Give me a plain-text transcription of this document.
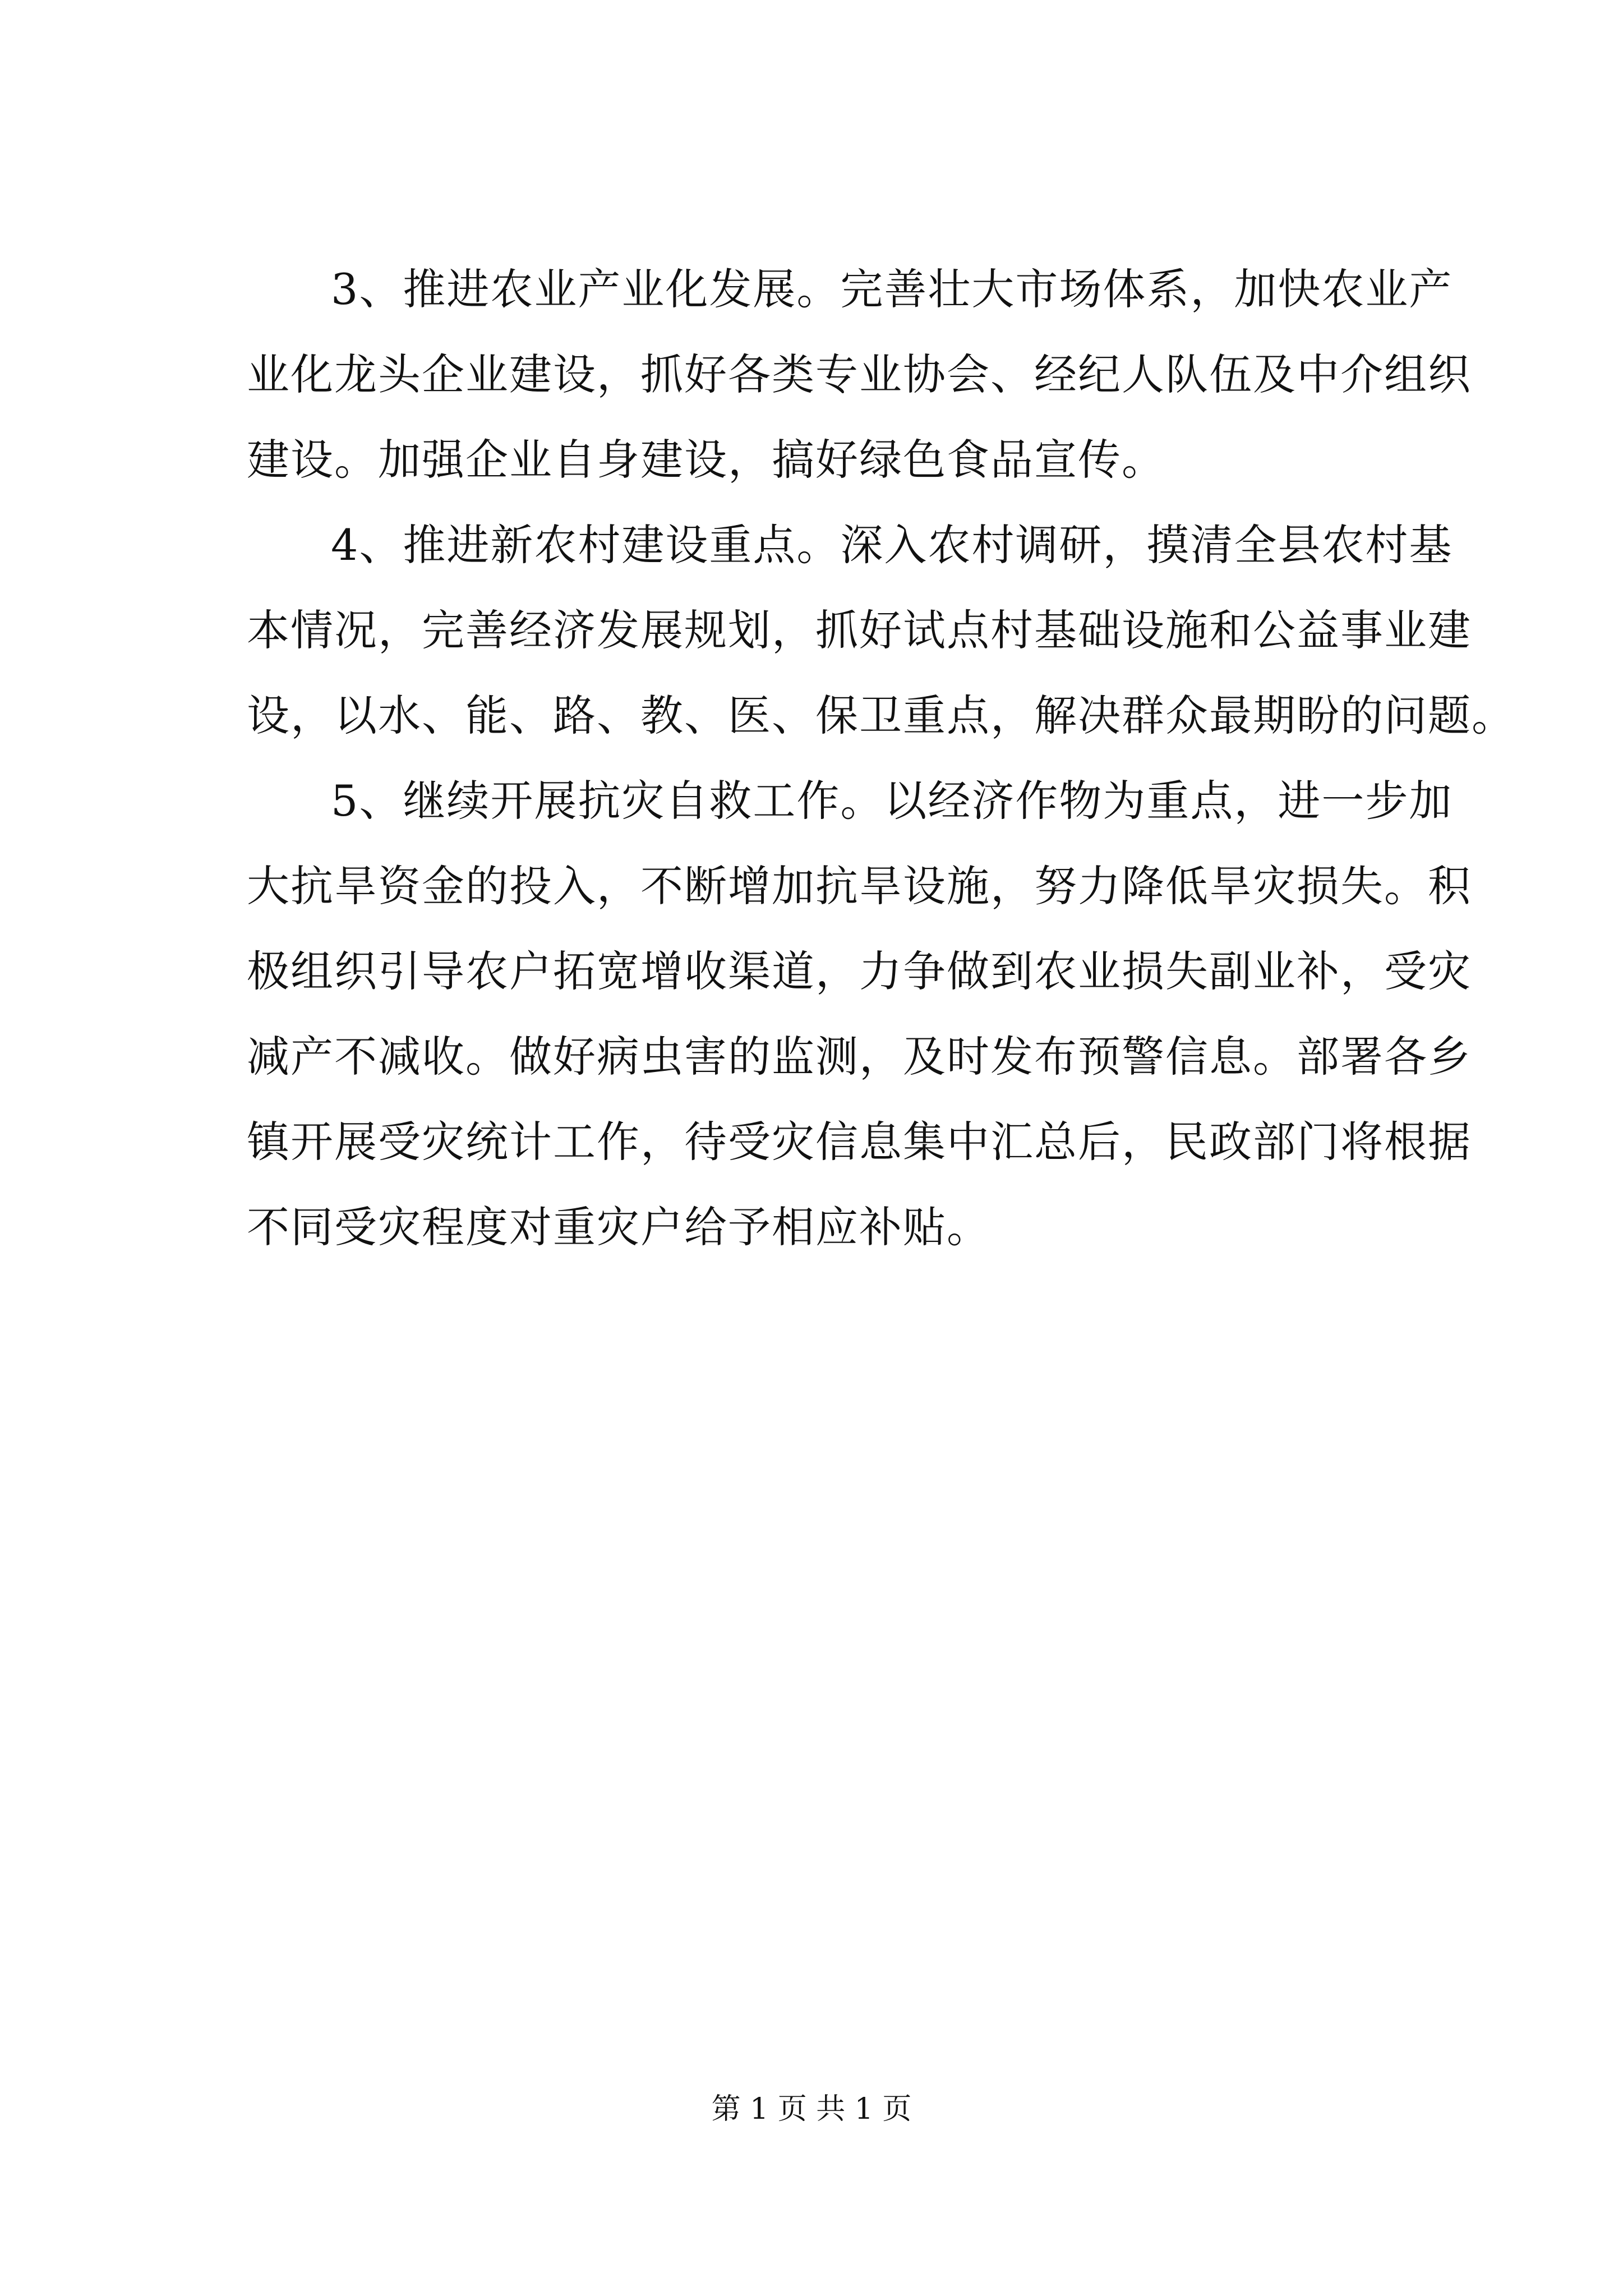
3、推进农业产业化发展。完善壮大市场体系，加快农业产
业化龙头企业建设，抓好各类专业协会、经纪人队伍及中介组织
建设。加强企业自身建设，搞好绿色食品宣传。
4、推进新农村建设重点。深入农村调研，摸清全县农村基
本情况，完善经济发展规划，抓好试点村基础设施和公益事业建
设，以水、能、路、教、医、保卫重点，解决群众最期盼的问题。
5、继续开展抗灾自救工作。以经济作物为重点，进一步加
大抗旱资金的投入，不断增加抗旱设施，努力降低旱灾损失。积
极组织引导农户拓宽增收渠道，力争做到农业损失副业补，受灾
减产不减收。做好病虫害的监测，及时发布预警信息。部署各乡
镇开展受灾统计工作，待受灾信息集中汇总后，民政部门将根据
不同受灾程度对重灾户给予相应补贴。
第 1 页 共 1 页
